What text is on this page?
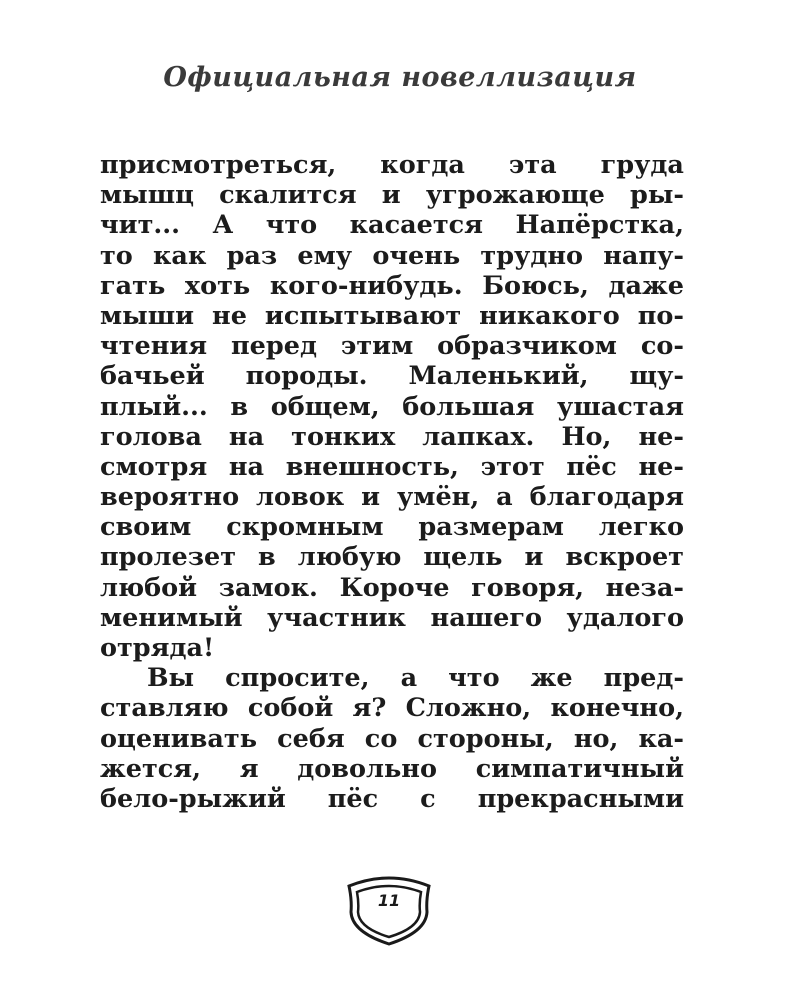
Официальная новеллизация
присмотреться, когда эта груда
мышц скалится и угрожающе ры-
чит... А что касается Напёрстка,
то как раз ему очень трудно напу-
гать хоть кого-нибудь. Боюсь, даже
мыши не испытывают никакого по-
чтения перед этим образчиком со-
бачьей породы. Маленький, щу-
плый... в общем, большая ушастая
голова на тонких лапках. Но, не-
смотря на внешность, этот пёс не-
вероятно ловок и умён, а благодаря
своим скромным размерам легко
пролезет в любую щель и вскроет
любой замок. Короче говоря, неза-
менимый участник нашего удалого
отряда!
Вы спросите, а что же пред-
ставляю собой я? Сложно, конечно,
оценивать себя со стороны, но, ка-
жется, я довольно симпатичный
бело-рыжий пёс с прекрасными
11
